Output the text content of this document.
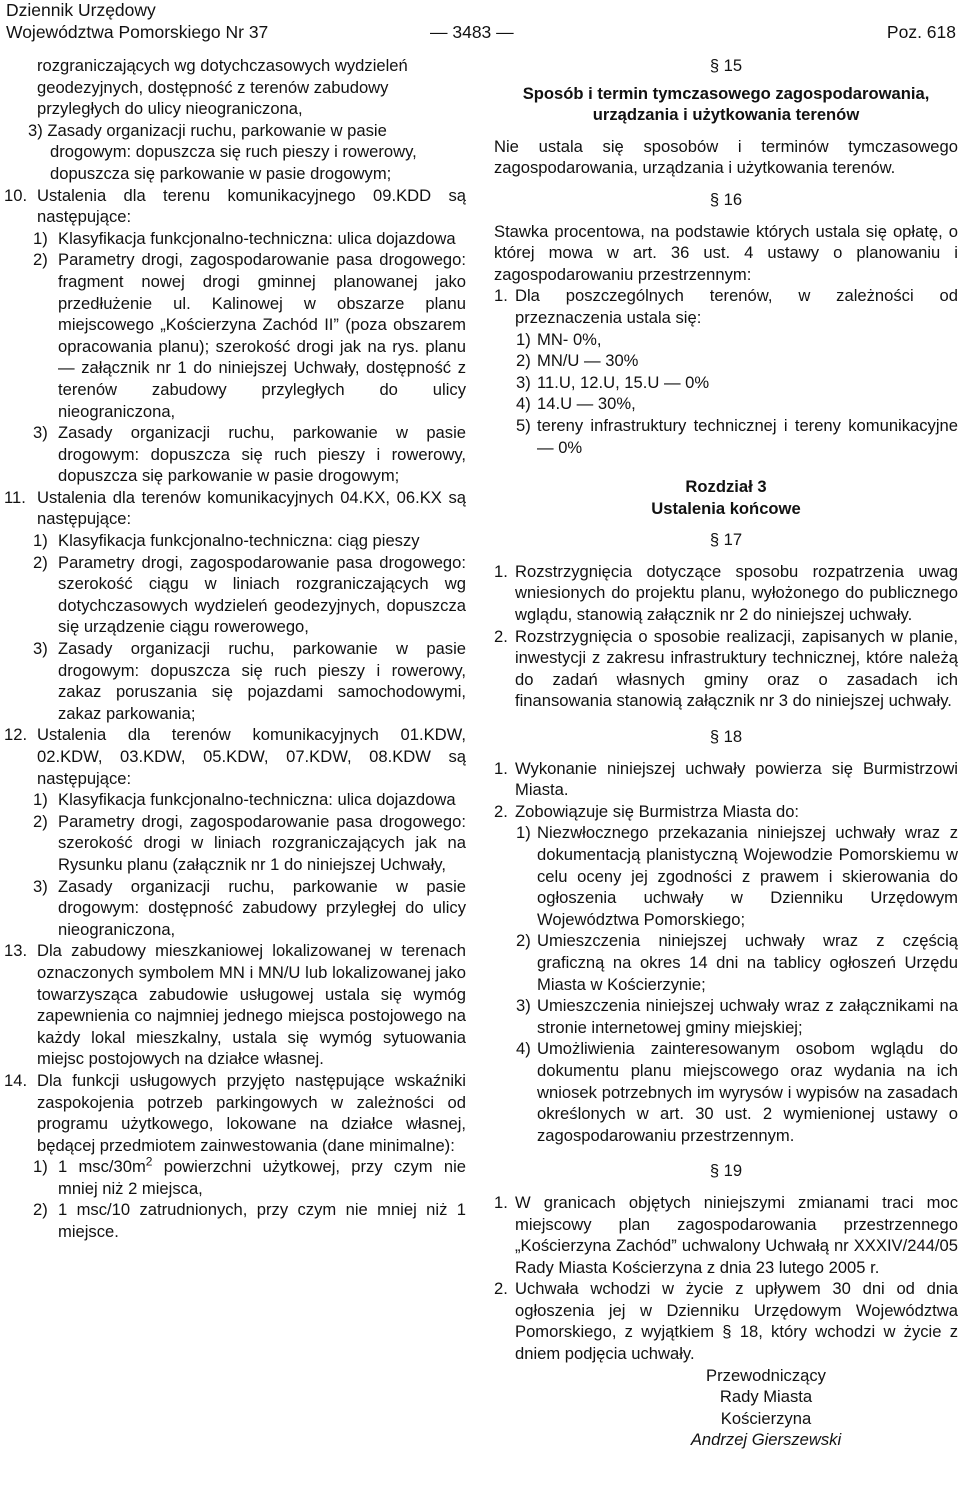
Dziennik Urzędowy
Województwa Pomorskiego Nr 37	— 3483 —	Poz. 618

rozgraniczających wg dotychczasowych wydzieleń

geodezyjnych, dostępność z terenów zabudowy

przyległych do ulicy nieograniczona,

3) Zasady organizacji ruchu, parkowanie w pasie

drogowym: dopuszcza się ruch pieszy i rowerowy,

dopuszcza się parkowanie w pasie drogowym;

10. Ustalenia dla terenu komunikacyjnego 09.KDD są następujące:
1) Klasyfikacja funkcjonalno-techniczna: ulica dojazdowa
2) Parametry drogi, zagospodarowanie pasa drogowego: fragment nowej drogi gminnej planowanej jako przedłużenie ul. Kalinowej w obszarze planu miejscowego „Kościerzyna Zachód II” (poza obszarem opracowania planu); szerokość drogi jak na rys. planu — załącznik nr 1 do niniejszej Uchwały, dostępność z terenów zabudowy przyległych do ulicy nieograniczona,
3) Zasady organizacji ruchu, parkowanie w pasie drogowym: dopuszcza się ruch pieszy i rowerowy, dopuszcza się parkowanie w pasie drogowym;
11. Ustalenia dla terenów komunikacyjnych 04.KX, 06.KX są następujące:
1) Klasyfikacja funkcjonalno-techniczna: ciąg pieszy
2) Parametry drogi, zagospodarowanie pasa drogowego: szerokość ciągu w liniach rozgraniczających wg dotychczasowych wydzieleń geodezyjnych, dopuszcza się urządzenie ciągu rowerowego,
3) Zasady organizacji ruchu, parkowanie w pasie drogowym: dopuszcza się ruch pieszy i rowerowy, zakaz poruszania się pojazdami samochodowymi, zakaz parkowania;
12. Ustalenia dla terenów komunikacyjnych 01.KDW, 02.KDW, 03.KDW, 05.KDW, 07.KDW, 08.KDW są następujące:
1) Klasyfikacja funkcjonalno-techniczna: ulica dojazdowa
2) Parametry drogi, zagospodarowanie pasa drogowego: szerokość drogi w liniach rozgraniczających jak na Rysunku planu (załącznik nr 1 do niniejszej Uchwały,
3) Zasady organizacji ruchu, parkowanie w pasie drogowym: dostępność zabudowy przyległej do ulicy nieograniczona,
13. Dla zabudowy mieszkaniowej lokalizowanej w terenach oznaczonych symbolem MN i MN/U lub lokalizowanej jako towarzysząca zabudowie usługowej ustala się wymóg zapewnienia co najmniej jednego miejsca postojowego na każdy lokal mieszkalny, ustala się wymóg sytuowania miejsc postojowych na działce własnej.
14. Dla funkcji usługowych przyjęto następujące wskaźniki zaspokojenia potrzeb parkingowych w zależności od programu użytkowego, lokowane na działce własnej, będącej przedmiotem zainwestowania (dane minimalne):
1) 1 msc/$30m^2$ powierzchni użytkowej, przy czym nie mniej niż 2 miejsca,
2) 1 msc/10 zatrudnionych, przy czym nie mniej niż 1 miejsce.

§ 15

Sposób i termin tymczasowego zagospodarowania,

urządzania i użytkowania terenów

Nie ustala się sposobów i terminów tymczasowego zagospodarowania, urządzania i użytkowania terenów.

§ 16

Stawka procentowa, na podstawie których ustala się opłatę, o której mowa w art. 36 ust. 4 ustawy o planowaniu i zagospodarowaniu przestrzennym:

1. Dla poszczególnych terenów, w zależności od przeznaczenia ustala się:
1) MN- 0%,
2) MN/U — 30%
3) 11.U, 12.U, 15.U — 0%
4) 14.U — 30%,
5) tereny infrastruktury technicznej i tereny komunikacyjne — 0%

Rozdział 3

Ustalenia końcowe

§ 17

1. Rozstrzygnięcia dotyczące sposobu rozpatrzenia uwag wniesionych do projektu planu, wyłożonego do publicznego wglądu, stanowią załącznik nr 2 do niniejszej uchwały.
2. Rozstrzygnięcia o sposobie realizacji, zapisanych w planie, inwestycji z zakresu infrastruktury technicznej, które należą do zadań własnych gminy oraz o zasadach ich finansowania stanowią załącznik nr 3 do niniejszej uchwały.

§ 18

1. Wykonanie niniejszej uchwały powierza się Burmistrzowi Miasta.
2. Zobowiązuje się Burmistrza Miasta do:
1) Niezwłocznego przekazania niniejszej uchwały wraz z dokumentacją planistyczną Wojewodzie Pomorskiemu w celu oceny jej zgodności z prawem i skierowania do ogłoszenia uchwały w Dzienniku Urzędowym Województwa Pomorskiego;
2) Umieszczenia niniejszej uchwały wraz z częścią graficzną na okres 14 dni na tablicy ogłoszeń Urzędu Miasta w Kościerzynie;
3) Umieszczenia niniejszej uchwały wraz z załącznikami na stronie internetowej gminy miejskiej;
4) Umożliwienia zainteresowanym osobom wglądu do dokumentu planu miejscowego oraz wydania na ich wniosek potrzebnych im wyrysów i wypisów na zasadach określonych w art. 30 ust. 2 wymienionej ustawy o zagospodarowaniu przestrzennym.

§ 19

1. W granicach objętych niniejszymi zmianami traci moc miejscowy plan zagospodarowania przestrzennego „Kościerzyna Zachód” uchwalony Uchwałą nr XXXIV/244/05 Rady Miasta Kościerzyna z dnia 23 lutego 2005 r.
2. Uchwała wchodzi w życie z upływem 30 dni od dnia ogłoszenia jej w Dzienniku Urzędowym Województwa Pomorskiego, z wyjątkiem § 18, który wchodzi w życie z dniem podjęcia uchwały.

Przewodniczący

Rady Miasta Kościerzyna

Andrzej Gierszewski
